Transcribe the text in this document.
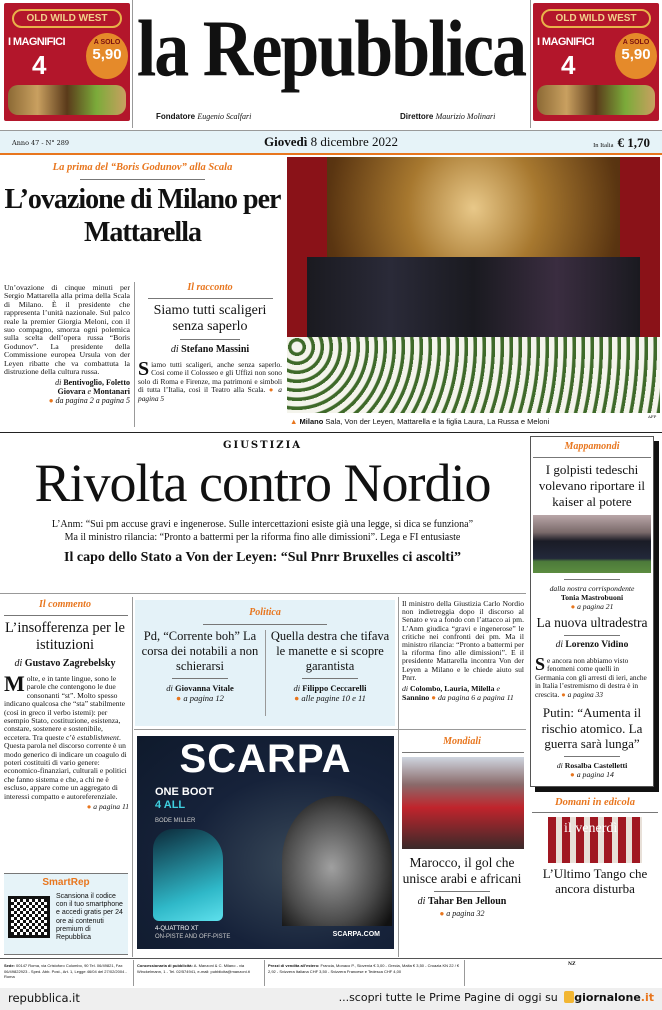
OLD WILD WEST
I MAGNIFICI
4
A SOLO
5,90
OLD WILD WEST
I MAGNIFICI
4
A SOLO
5,90
la Repubblica
Fondatore Eugenio Scalfari	Direttore Maurizio Molinari
Anno 47 - N° 289	Giovedì 8 dicembre 2022	In Italia € 1,70
La prima del “Boris Godunov” alla Scala
L’ovazione di Milano per Mattarella
Un’ovazione di cinque minuti per Sergio Mattarella alla prima della Scala di Milano. È il presidente che rappresenta l’unità nazionale. Sul palco reale la premier Giorgia Meloni, con il suo compagno, smorza ogni polemica sulla scelta dell’opera russa “Boris Godunov”. La presidente della Commissione europea Ursula von der Leyen ribatte che va combattuta la distruzione della cultura russa.
di Bentivoglio, Foletto
Giovara e Montanari
● da pagina 2 a pagina 5
Il racconto
Siamo tutti scaligeri senza saperlo
di Stefano Massini
Siamo tutti scaligeri, anche senza saperlo. Così come il Colosseo e gli Uffizi non sono solo di Roma e Firenze, ma patrimoni e simboli di tutta l’Italia, così il Teatro alla Scala. ● a pagina 5
▲ Milano Sala, Von der Leyen, Mattarella e la figlia Laura, La Russa e Meloni
AFP
GIUSTIZIA
Rivolta contro Nordio
L’Anm: “Sui pm accuse gravi e ingenerose. Sulle intercettazioni esiste già una legge, si dica se funziona”
Ma il ministro rilancia: “Pronto a battermi per la riforma fino alle dimissioni”. Lega e FI entusiaste
Il capo dello Stato a Von der Leyen: “Sul Pnrr Bruxelles ci ascolti”
Il commento
L’insofferenza per le istituzioni
di Gustavo Zagrebelsky
Molte, e in tante lingue, sono le parole che contengono le due consonanti “st”. Molto spesso indicano qualcosa che “sta” stabilmente (così in greco il verbo ìstemi): per esempio Stato, costituzione, esistenza, constare, sostenere e sostenibile, eccetera. Tra queste c’è establishment. Questa parola nel discorso corrente è un modo generico di indicare un coagulo di poteri costituiti di vario genere: economico-finanziari, culturali e politici che fanno sistema e che, a chi ne è escluso, appare come un aggregato di interessi compatto e autoreferenziale.
● a pagina 11
SmartRep
Scansiona il codice con il tuo smartphone e accedi gratis per 24 ore ai contenuti premium di Repubblica
Politica
Pd, “Corrente boh” La corsa dei notabili a non schierarsi
di Giovanna Vitale
● a pagina 12
Quella destra che tifava le manette e si scopre garantista
di Filippo Ceccarelli
● alle pagine 10 e 11
Il ministro della Giustizia Carlo Nordio non indietreggia dopo il discorso al Senato e va a fondo con l’attacco ai pm. L’Anm giudica “gravi e ingenerose” le critiche nei confronti dei pm. Ma il ministro rilancia: “Pronto a battermi per la riforma fino alle dimissioni”. E il presidente Mattarella incontra Von der Leyen a Milano e le chiede aiuto sul Pnrr.
di Colombo, Lauria, Milella e Sannino ● da pagina 6 a pagina 11
SCARPA
ONE BOOT
4 ALL
BODE MILLER
4-QUATTRO XT
ON-PISTE AND OFF-PISTE	SCARPA.COM
Mondiali
Marocco, il gol che unisce arabi e africani
di Tahar Ben Jelloun
● a pagina 32
Mappamondi
I golpisti tedeschi volevano riportare il kaiser al potere
dalla nostra corrispondente
Tonia Mastrobuoni
● a pagina 21
La nuova ultradestra
di Lorenzo Vidino
Se ancora non abbiamo visto fenomeni come quelli in Germania con gli arresti di ieri, anche in Italia l’estremismo di destra è in crescita. ● a pagina 33
Putin: “Aumenta il rischio atomico. La guerra sarà lunga”
di Rosalba Castelletti
● a pagina 14
Domani in edicola
il venerdì
L’Ultimo Tango che ancora disturba
Sede: 00147 Roma, via Cristoforo Colombo, 90 Tel. 06/49821, Fax 06/49822923 - Sped. Abb. Post., Art. 1, Legge 46/04 del 27/02/2004 - Roma
Concessionaria di pubblicità: A. Manzoni & C. Milano - via Winckelmann, 1 - Tel. 02/574941, e-mail: pubblicita@manzoni.it
Prezzi di vendita all’estero: Francia, Monaco P., Slovenia € 3,00 - Grecia, Malta € 3,50 - Croazia KN 22 / € 2,92 - Svizzera Italiana CHF 3,50 - Svizzera Francese e Tedesca CHF 4,00
NZ
repubblica.it	...scopri tutte le Prime Pagine di oggi su giornalone.it
